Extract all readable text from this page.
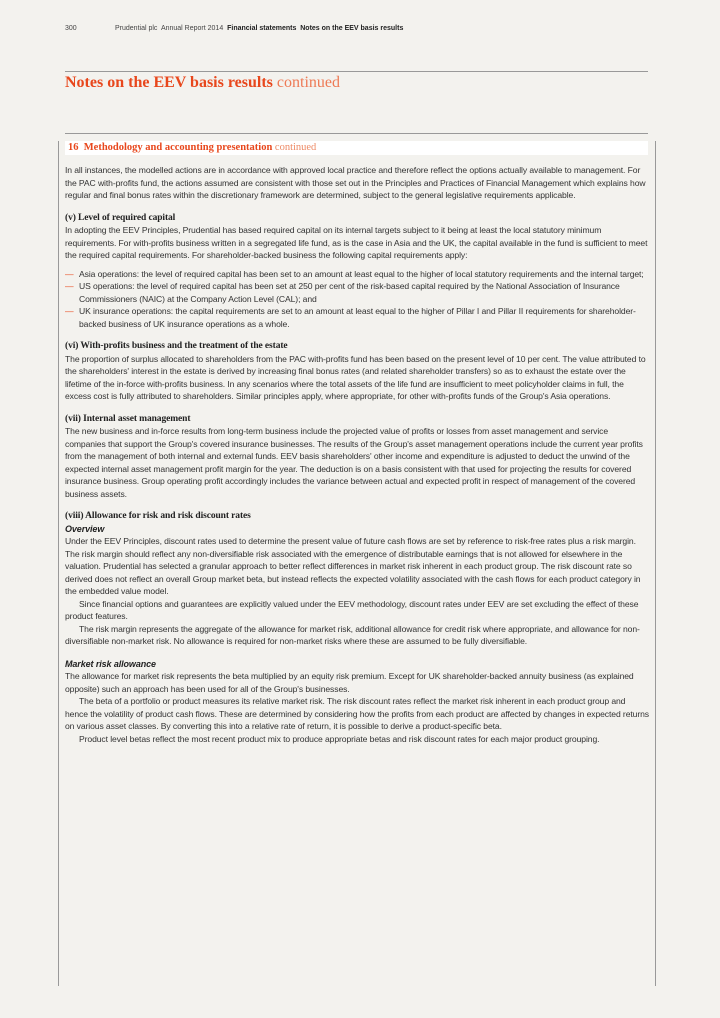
300	Prudential plc Annual Report 2014 Financial statements Notes on the EEV basis results
Notes on the EEV basis results continued
16 Methodology and accounting presentation continued

In all instances, the modelled actions are in accordance with approved local practice and therefore reflect the options actually available to management. For the PAC with-profits fund, the actions assumed are consistent with those set out in the Principles and Practices of Financial Management which explains how regular and final bonus rates within the discretionary framework are determined, subject to the general legislative requirements applicable.

(v) Level of required capital

In adopting the EEV Principles, Prudential has based required capital on its internal targets subject to it being at least the local statutory minimum requirements. For with-profits business written in a segregated life fund, as is the case in Asia and the UK, the capital available in the fund is sufficient to meet the required capital requirements. For shareholder-backed business the following capital requirements apply:

— Asia operations: the level of required capital has been set to an amount at least equal to the higher of local statutory requirements and the internal target;
— US operations: the level of required capital has been set at 250 per cent of the risk-based capital required by the National Association of Insurance Commissioners (NAIC) at the Company Action Level (CAL); and
— UK insurance operations: the capital requirements are set to an amount at least equal to the higher of Pillar I and Pillar II requirements for shareholder-backed business of UK insurance operations as a whole.
(vi) With-profits business and the treatment of the estate

The proportion of surplus allocated to shareholders from the PAC with-profits fund has been based on the present level of 10 per cent. The value attributed to the shareholders' interest in the estate is derived by increasing final bonus rates (and related shareholder transfers) so as to exhaust the estate over the lifetime of the in-force with-profits business. In any scenarios where the total assets of the life fund are insufficient to meet policyholder claims in full, the excess cost is fully attributed to shareholders. Similar principles apply, where appropriate, for other with-profits funds of the Group's Asia operations.

(vii) Internal asset management

The new business and in-force results from long-term business include the projected value of profits or losses from asset management and service companies that support the Group's covered insurance businesses. The results of the Group's asset management operations include the current year profits from the management of both internal and external funds. EEV basis shareholders' other income and expenditure is adjusted to deduct the unwind of the expected internal asset management profit margin for the year. The deduction is on a basis consistent with that used for projecting the results for covered insurance business. Group operating profit accordingly includes the variance between actual and expected profit in respect of management of the covered business assets.

(viii) Allowance for risk and risk discount rates
Overview

Under the EEV Principles, discount rates used to determine the present value of future cash flows are set by reference to risk-free rates plus a risk margin. The risk margin should reflect any non-diversifiable risk associated with the emergence of distributable earnings that is not allowed for elsewhere in the valuation. Prudential has selected a granular approach to better reflect differences in market risk inherent in each product group. The risk discount rate so derived does not reflect an overall Group market beta, but instead reflects the expected volatility associated with the cash flows for each product category in the embedded value model.

Since financial options and guarantees are explicitly valued under the EEV methodology, discount rates under EEV are set excluding the effect of these product features.

The risk margin represents the aggregate of the allowance for market risk, additional allowance for credit risk where appropriate, and allowance for non-diversifiable non-market risk. No allowance is required for non-market risks where these are assumed to be fully diversifiable.

Market risk allowance

The allowance for market risk represents the beta multiplied by an equity risk premium. Except for UK shareholder-backed annuity business (as explained opposite) such an approach has been used for all of the Group's businesses.

The beta of a portfolio or product measures its relative market risk. The risk discount rates reflect the market risk inherent in each product group and hence the volatility of product cash flows. These are determined by considering how the profits from each product are affected by changes in expected returns on various asset classes. By converting this into a relative rate of return, it is possible to derive a product-specific beta.

Product level betas reflect the most recent product mix to produce appropriate betas and risk discount rates for each major product grouping.
